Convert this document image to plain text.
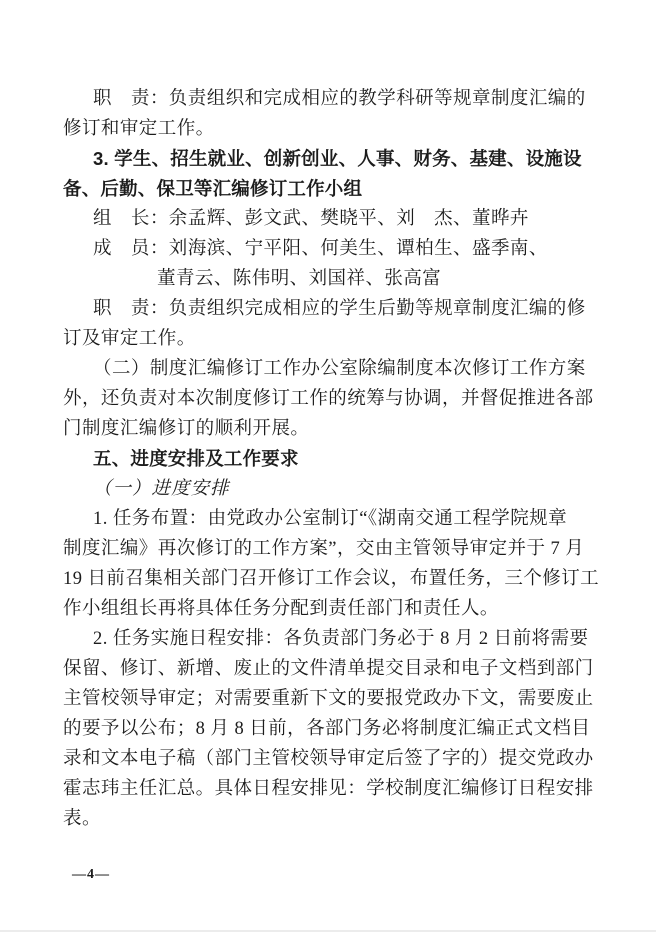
职　责：负责组织和完成相应的教学科研等规章制度汇编的
修订和审定工作。
3. 学生、招生就业、创新创业、人事、财务、基建、设施设
备、后勤、保卫等汇编修订工作小组
组　长：余孟辉、彭文武、樊晓平、刘　杰、董晔卉
成　员：刘海滨、宁平阳、何美生、谭柏生、盛季南、
董青云、陈伟明、刘国祥、张高富
职　责：负责组织完成相应的学生后勤等规章制度汇编的修
订及审定工作。
（二）制度汇编修订工作办公室除编制度本次修订工作方案
外，还负责对本次制度修订工作的统筹与协调，并督促推进各部
门制度汇编修订的顺利开展。
五、进度安排及工作要求
（一）进度安排
1. 任务布置：由党政办公室制订“《湖南交通工程学院规章
制度汇编》再次修订的工作方案”，交由主管领导审定并于 7 月
19 日前召集相关部门召开修订工作会议，布置任务，三个修订工
作小组组长再将具体任务分配到责任部门和责任人。
2. 任务实施日程安排：各负责部门务必于 8 月 2 日前将需要
保留、修订、新增、废止的文件清单提交目录和电子文档到部门
主管校领导审定；对需要重新下文的要报党政办下文，需要废止
的要予以公布；8 月 8 日前，各部门务必将制度汇编正式文档目
录和文本电子稿（部门主管校领导审定后签了字的）提交党政办
霍志玮主任汇总。具体日程安排见：学校制度汇编修订日程安排
表。
—4—
